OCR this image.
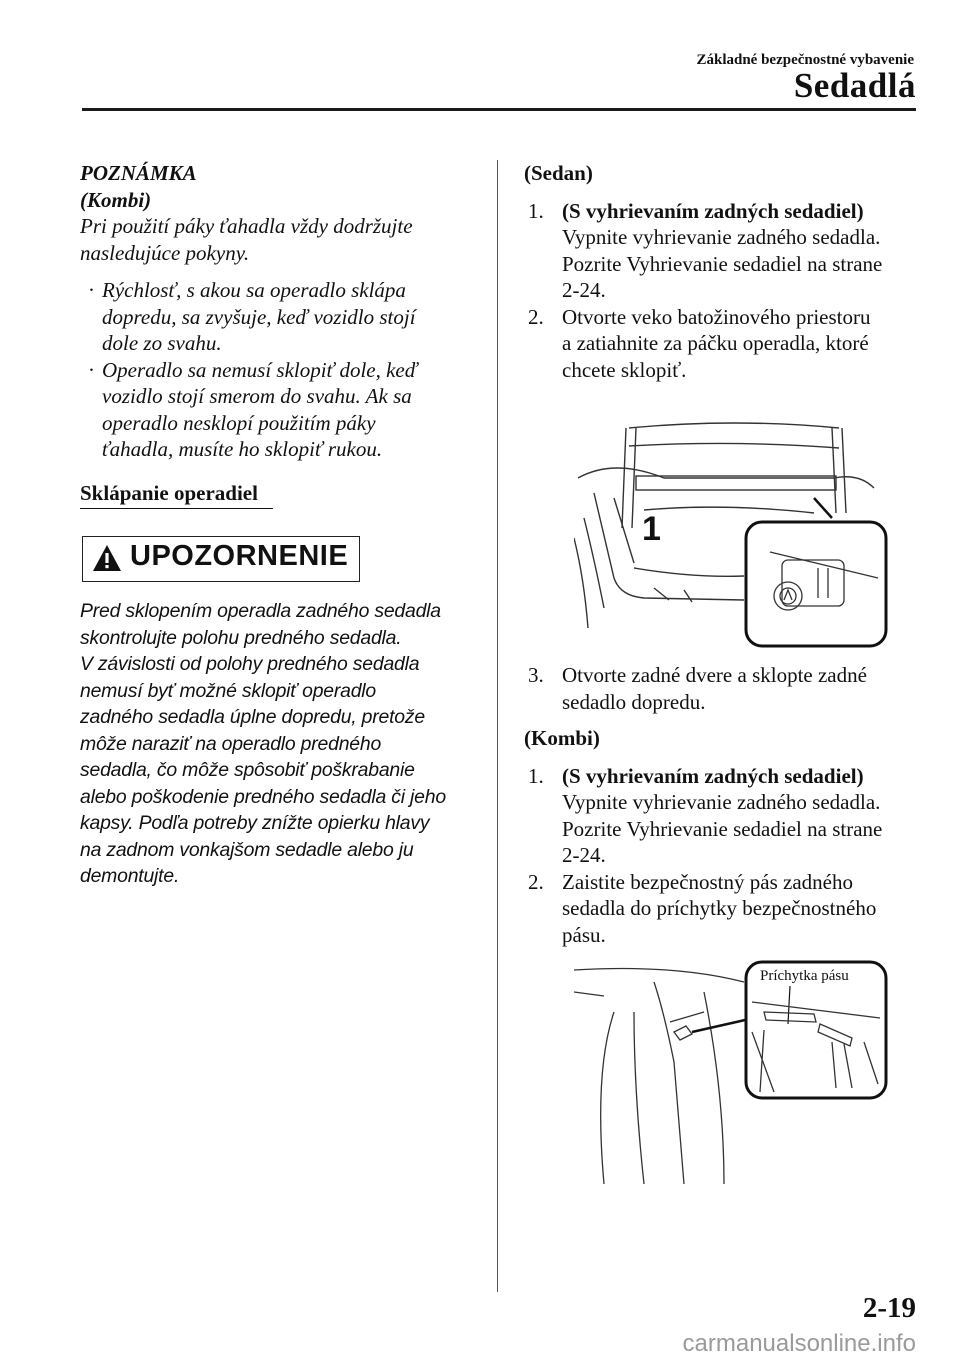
Základné bezpečnostné vybavenie
Sedadlá
POZNÁMKA
(Kombi)
Pri použití páky ťahadla vždy dodržujte
nasledujúce pokyny.
· Rýchlosť, s akou sa operadlo sklápa
dopredu, sa zvyšuje, keď vozidlo stojí
dole zo svahu.
· Operadlo sa nemusí sklopiť dole, keď
vozidlo stojí smerom do svahu. Ak sa
operadlo nesklopí použitím páky
ťahadla, musíte ho sklopiť rukou.
Sklápanie operadiel
UPOZORNENIE
Pred sklopením operadla zadného sedadla
skontrolujte polohu predného sedadla.
V závislosti od polohy predného sedadla
nemusí byť možné sklopiť operadlo
zadného sedadla úplne dopredu, pretože
môže naraziť na operadlo predného
sedadla, čo môže spôsobiť poškrabanie
alebo poškodenie predného sedadla či jeho
kapsy. Podľa potreby znížte opierku hlavy
na zadnom vonkajšom sedadle alebo ju
demontujte.
(Sedan)
1. (S vyhrievaním zadných sedadiel)
Vypnite vyhrievanie zadného sedadla.
Pozrite Vyhrievanie sedadiel na strane
2-24.
2. Otvorte veko batožinového priestoru
a zatiahnite za páčku operadla, ktoré
chcete sklopiť.
1
3. Otvorte zadné dvere a sklopte zadné
sedadlo dopredu.
(Kombi)
1. (S vyhrievaním zadných sedadiel)
Vypnite vyhrievanie zadného sedadla.
Pozrite Vyhrievanie sedadiel na strane
2-24.
2. Zaistite bezpečnostný pás zadného
sedadla do príchytky bezpečnostného
pásu.
Príchytka pásu
2-19
carmanualsonline.info
